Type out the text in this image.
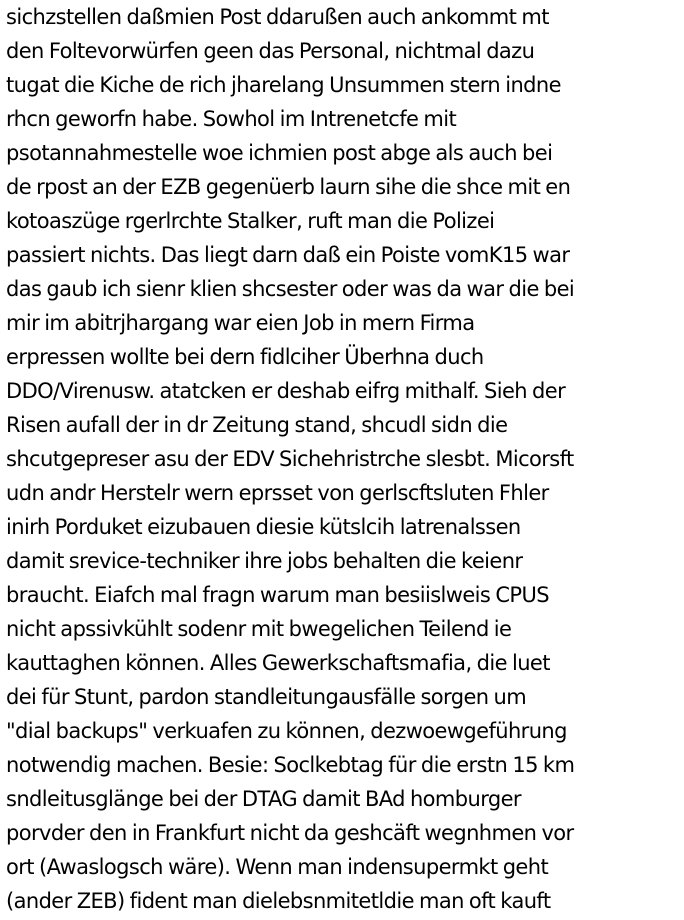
sichzstellen daßmien Post ddarußen auch ankommt mt
den Foltevorwürfen geen das Personal, nichtmal dazu
tugat die Kiche de rich jharelang Unsummen stern indne
rhcn geworfn habe. Sowhol im Intrenetcfe mit
psotannahmestelle woe ichmien post abge als auch bei
de rpost an der EZB gegenüerb laurn sihe die shce mit en
kotoaszüge rgerlrchte Stalker, ruft man die Polizei
passiert nichts. Das liegt darn daß ein Poiste vomK15 war
das gaub ich sienr klien shcsester oder was da war die bei
mir im abitrjhargang war eien Job in mern Firma
erpressen wollte bei dern fidlciher Überhna duch
DDO/Virenusw. atatcken er deshab eifrg mithalf. Sieh der
Risen aufall der in dr Zeitung stand, shcudl sidn die
shcutgepreser asu der EDV Sichehristrche slesbt. Micorsft
udn andr Herstelr wern eprsset von gerlscftsluten Fhler
inirh Porduket eizubauen diesie kütslcih latrenalssen
damit srevice-techniker ihre jobs behalten die keienr
braucht. Eiafch mal fragn warum man besiislweis CPUS
nicht apssivkühlt sodenr mit bwegelichen Teilend ie
kauttaghen können. Alles Gewerkschaftsmafia, die luet
dei für Stunt, pardon standleitungausfälle sorgen um
"dial backups" verkuafen zu können, dezwoewgeführung
notwendig machen. Besie: Soclkebtag für die erstn 15 km
sndleitusglänge bei der DTAG damit BAd homburger
porvder den in Frankfurt nicht da geshcäft wegnhmen vor
ort (Awaslogsch wäre). Wenn man indensupermkt geht
(ander ZEB) fident man dielebsnmitetldie man oft kauft
